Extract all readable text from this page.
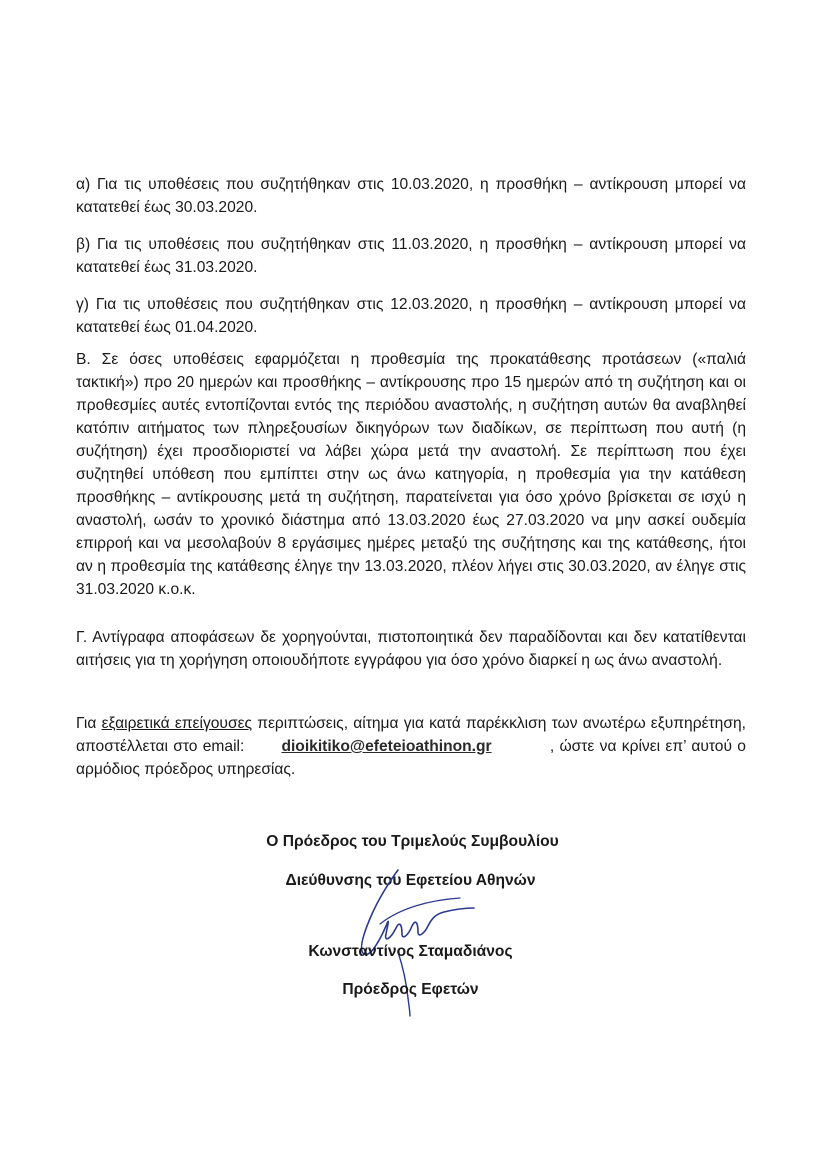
α) Για τις υποθέσεις που συζητήθηκαν στις 10.03.2020, η προσθήκη – αντίκρουση μπορεί να κατατεθεί έως 30.03.2020.

β) Για τις υποθέσεις που συζητήθηκαν στις 11.03.2020, η προσθήκη – αντίκρουση μπορεί να κατατεθεί έως 31.03.2020.

γ) Για τις υποθέσεις που συζητήθηκαν στις 12.03.2020, η προσθήκη – αντίκρουση μπορεί να κατατεθεί έως 01.04.2020.

Β. Σε όσες υποθέσεις εφαρμόζεται η προθεσμία της προκατάθεσης προτάσεων («παλιά τακτική») προ 20 ημερών και προσθήκης – αντίκρουσης προ 15 ημερών από τη συζήτηση και οι προθεσμίες αυτές εντοπίζονται εντός της περιόδου αναστολής, η συζήτηση αυτών θα αναβληθεί κατόπιν αιτήματος των πληρεξουσίων δικηγόρων των διαδίκων, σε περίπτωση που αυτή (η συζήτηση) έχει προσδιοριστεί να λάβει χώρα μετά την αναστολή. Σε περίπτωση που έχει συζητηθεί υπόθεση που εμπίπτει στην ως άνω κατηγορία, η προθεσμία για την κατάθεση προσθήκης – αντίκρουσης μετά τη συζήτηση, παρατείνεται για όσο χρόνο βρίσκεται σε ισχύ η αναστολή, ωσάν το χρονικό διάστημα από 13.03.2020 έως 27.03.2020 να μην ασκεί ουδεμία επιρροή και να μεσολαβούν 8 εργάσιμες ημέρες μεταξύ της συζήτησης και της κατάθεσης, ήτοι αν η προθεσμία της κατάθεσης έληγε την 13.03.2020, πλέον λήγει στις 30.03.2020, αν έληγε στις 31.03.2020 κ.ο.κ.

Γ. Αντίγραφα αποφάσεων δε χορηγούνται, πιστοποιητικά δεν παραδίδονται και δεν κατατίθενται αιτήσεις για τη χορήγηση οποιουδήποτε εγγράφου για όσο χρόνο διαρκεί η ως άνω αναστολή.

Για εξαιρετικά επείγουσες περιπτώσεις, αίτημα για κατά παρέκκλιση των ανωτέρω εξυπηρέτηση, αποστέλλεται στο email: dioikitiko@efeteioathinon.gr	, ώστε να κρίνει επ’ αυτού ο αρμόδιος πρόεδρος υπηρεσίας.

Ο Πρόεδρος του Τριμελούς Συμβουλίου

Διεύθυνσης του Εφετείου Αθηνών

Κωνσταντίνος Σταμαδιάνος

Πρόεδρος Εφετών
